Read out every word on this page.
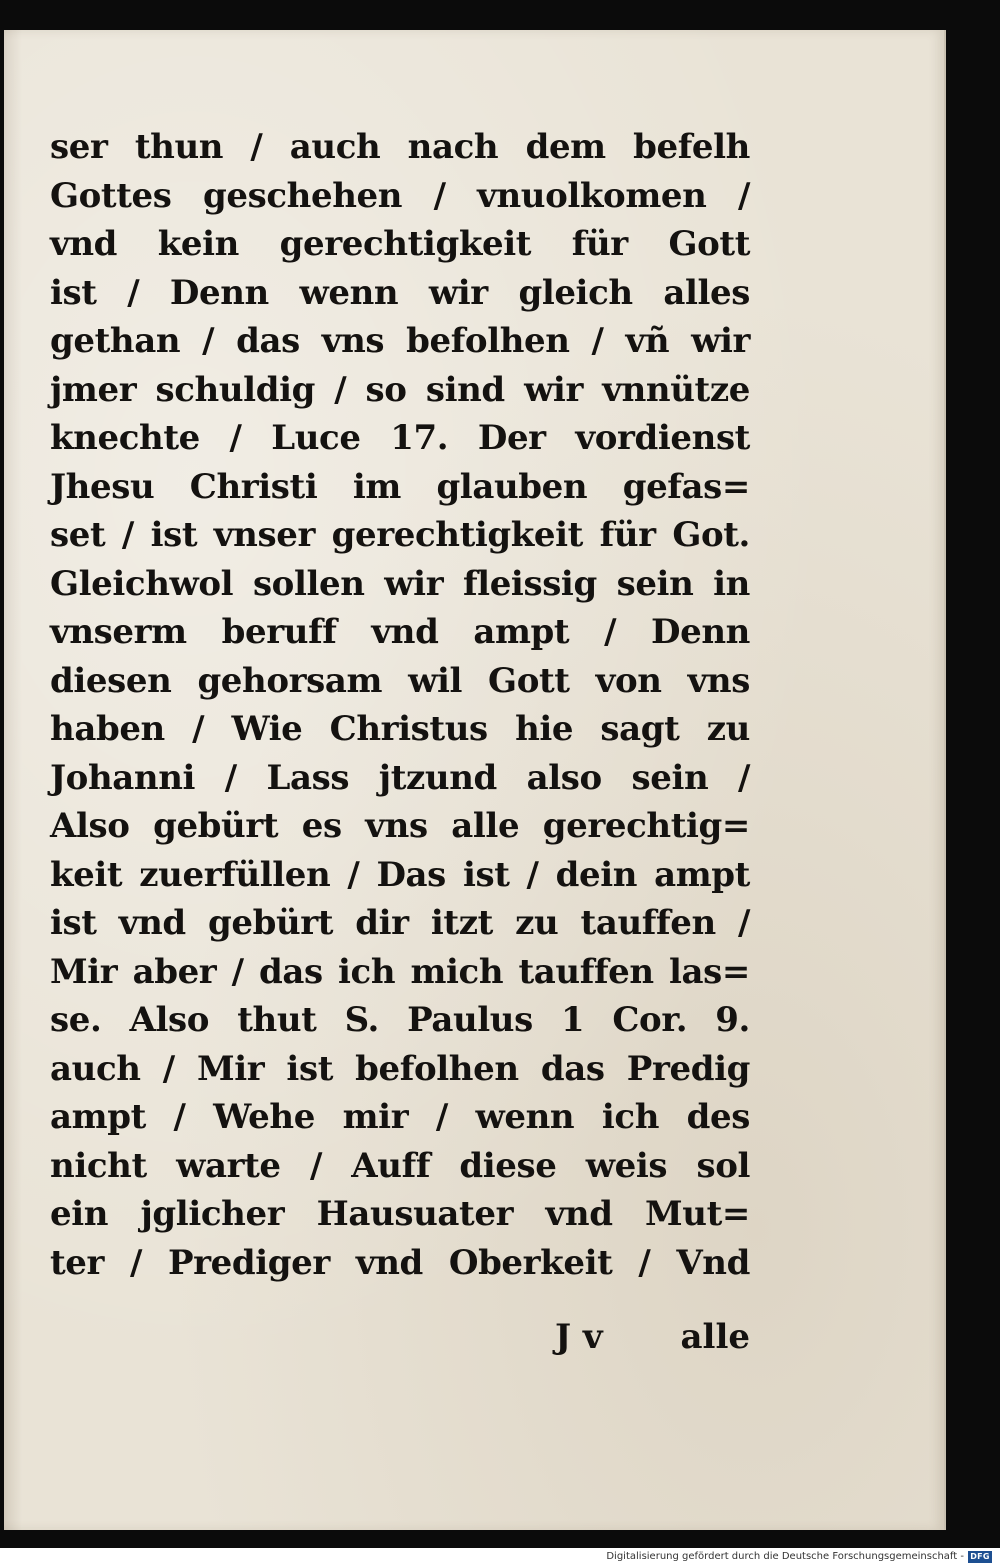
ser thun / auch nach dem befelh
Gottes geschehen / vnuolkomen /
vnd kein gerechtigkeit für Gott
ist / Denn wenn wir gleich alles
gethan / das vns befolhen / vñ wir
jmer schuldig / so sind wir vnnütze
knechte / Luce 17. Der vordienst
Jhesu Christi im glauben gefas=
set / ist vnser gerechtigkeit für Got.
Gleichwol sollen wir fleissig sein in
vnserm beruff vnd ampt / Denn
diesen gehorsam wil Gott von vns
haben / Wie Christus hie sagt zu
Johanni / Lass jtzund also sein /
Also gebürt es vns alle gerechtig=
keit zuerfüllen / Das ist / dein ampt
ist vnd gebürt dir itzt zu tauffen /
Mir aber / das ich mich tauffen las=
se. Also thut S. Paulus 1 Cor. 9.
auch / Mir ist befolhen das Predig
ampt / Wehe mir / wenn ich des
nicht warte / Auff diese weis sol
ein jglicher Hausuater vnd Mut=
ter / Prediger vnd Oberkeit / Vnd
J v alle
Digitalisierung gefördert durch die Deutsche Forschungsgemeinschaft - DFG
